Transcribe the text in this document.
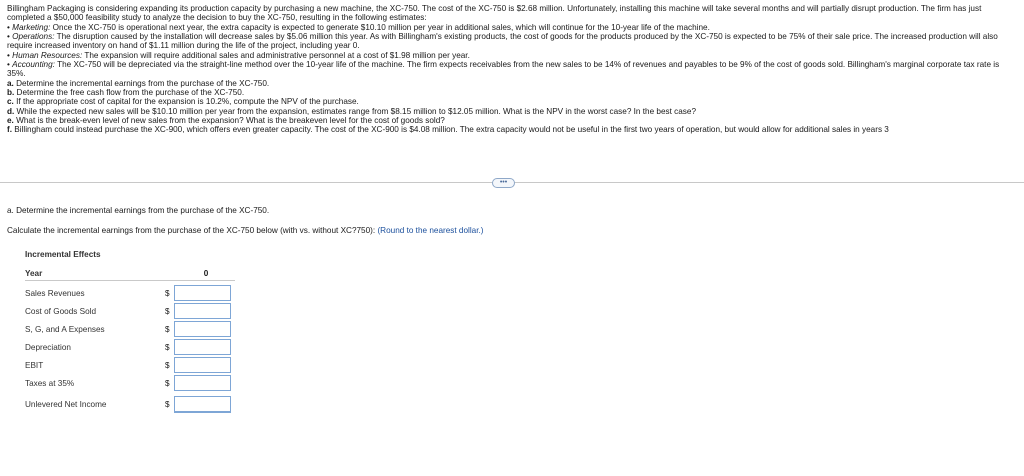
Billingham Packaging is considering expanding its production capacity by purchasing a new machine, the XC-750. The cost of the XC-750 is $2.68 million. Unfortunately, installing this machine will take several months and will partially disrupt production. The firm has just completed a $50,000 feasibility study to analyze the decision to buy the XC-750, resulting in the following estimates:

• Marketing: Once the XC-750 is operational next year, the extra capacity is expected to generate $10.10 million per year in additional sales, which will continue for the 10-year life of the machine.

• Operations: The disruption caused by the installation will decrease sales by $5.06 million this year. As with Billingham's existing products, the cost of goods for the products produced by the XC-750 is expected to be 75% of their sale price. The increased production will also require increased inventory on hand of $1.11 million during the life of the project, including year 0.

• Human Resources: The expansion will require additional sales and administrative personnel at a cost of $1.98 million per year.

• Accounting: The XC-750 will be depreciated via the straight-line method over the 10-year life of the machine. The firm expects receivables from the new sales to be 14% of revenues and payables to be 9% of the cost of goods sold. Billingham's marginal corporate tax rate is 35%.

a. Determine the incremental earnings from the purchase of the XC-750.

b. Determine the free cash flow from the purchase of the XC-750.

c. If the appropriate cost of capital for the expansion is 10.2%, compute the NPV of the purchase.

d. While the expected new sales will be $10.10 million per year from the expansion, estimates range from $8.15 million to $12.05 million. What is the NPV in the worst case? In the best case?

e. What is the break-even level of new sales from the expansion? What is the breakeven level for the cost of goods sold?

f. Billingham could instead purchase the XC-900, which offers even greater capacity. The cost of the XC-900 is $4.08 million. The extra capacity would not be useful in the first two years of operation, but would allow for additional sales in years 3

•••
a. Determine the incremental earnings from the purchase of the XC-750.
Calculate the incremental earnings from the purchase of the XC-750 below (with vs. without XC?750): (Round to the nearest dollar.)
Incremental Effects
Year	0
Sales Revenues	$
Cost of Goods Sold	$
S, G, and A Expenses	$
Depreciation	$
EBIT	$
Taxes at 35%	$
Unlevered Net Income	$
